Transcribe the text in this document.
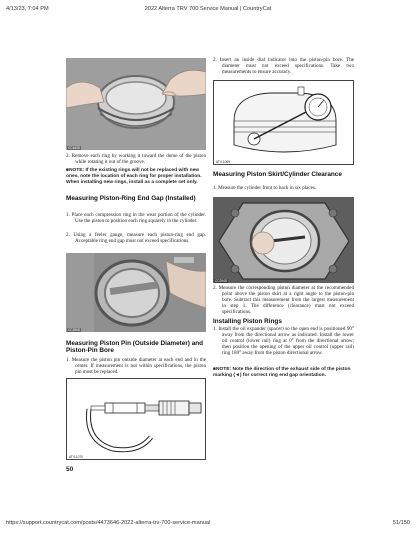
4/13/23, 7:04 PM	2022 Alterra TRV 700 Service Manual | CountryCat
CC460D

2. Remove each ring by working it toward the dome of the piston while rotating it out of the groove.

■NOTE: If the existing rings will not be replaced with new ones, note the location of each ring for proper installation. When installing new rings, install as a complete set only.

Measuring Piston-Ring End Gap (Installed)

1. Place each compression ring in the wear portion of the cylinder. Use the piston to position each ring squarely in the cylinder.

2. Using a feeler gauge, measure each piston-ring end gap. Acceptable ring end gap must not exceed specifications.

CC280D
Measuring Piston Pin (Outside Diameter) and Piston-Pin Bore

1. Measure the piston pin outside diameter at each end and in the center. If measurement is not within specifications, the piston pin must be replaced.

ATV-1070
50

2. Insert an inside dial indicator into the piston-pin bore. The diameter must not exceed specifications. Take two measurements to ensure accuracy.

ATV-1069
Measuring Piston Skirt/Cylinder Clearance

1. Measure the cylinder front to back in six places.

CC294D

2. Measure the corresponding piston diameter at the recommended point above the piston skirt at a right angle to the piston-pin bore. Subtract this measurement from the largest measurement in step 1. The difference (clearance) must not exceed specifications.

Installing Piston Rings

1. Install the oil expander (spacer) so the open end is positioned 90° away from the directional arrow as indicated. Install the lower oil control (lower rail) ring at 0° from the directional arrow; then position the opening of the upper oil control (upper rail) ring 180° away from the piston directional arrow.

■NOTE: Note the direction of the exhaust side of the piston marking (◄) for correct ring end gap orientation.

https://support.countrycat.com/posts/4473646-2022-alterra-trv-700-service-manual	51/150
